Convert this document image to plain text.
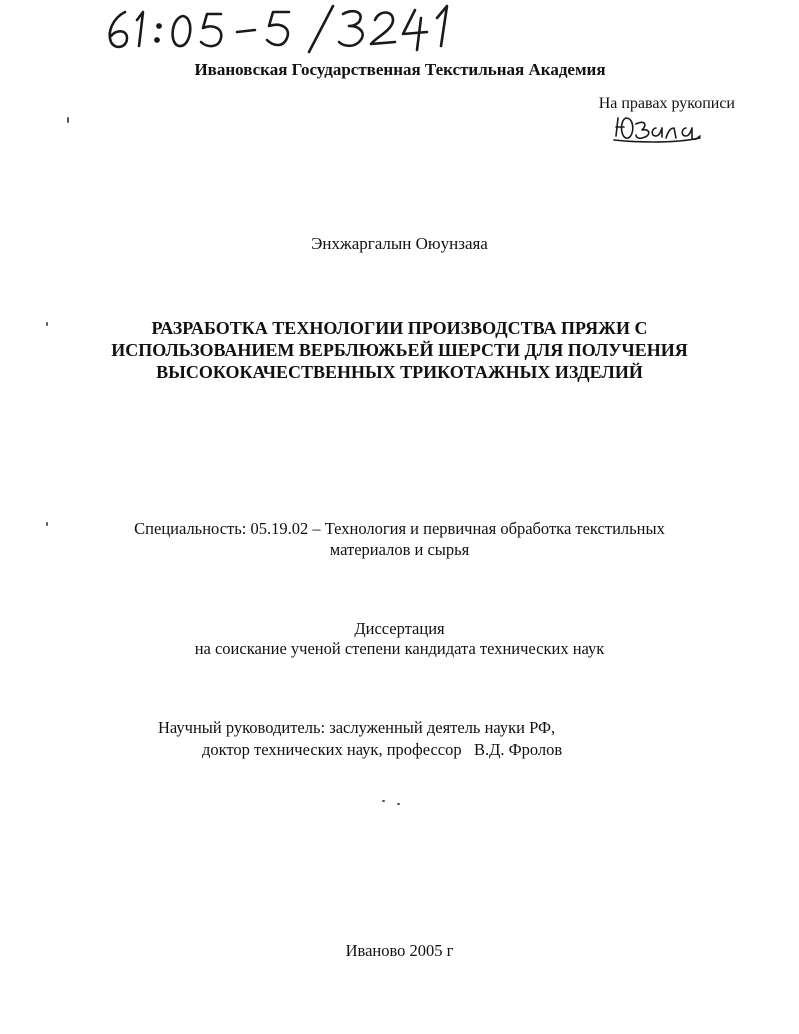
Ивановская Государственная Текстильная Академия
На правах рукописи
Энхжаргалын Оюунзаяа
РАЗРАБОТКА ТЕХНОЛОГИИ ПРОИЗВОДСТВА ПРЯЖИ С
ИСПОЛЬЗОВАНИЕМ ВЕРБЛЮЖЬЕЙ ШЕРСТИ ДЛЯ ПОЛУЧЕНИЯ
ВЫСОКОКАЧЕСТВЕННЫХ ТРИКОТАЖНЫХ ИЗДЕЛИЙ
Специальность: 05.19.02 – Технология и первичная обработка текстильных
материалов и сырья
Диссертация
на соискание ученой степени кандидата технических наук
Научный руководитель: заслуженный деятель науки РФ,
доктор технических наук, профессор   В.Д. Фролов
Иваново 2005 г
